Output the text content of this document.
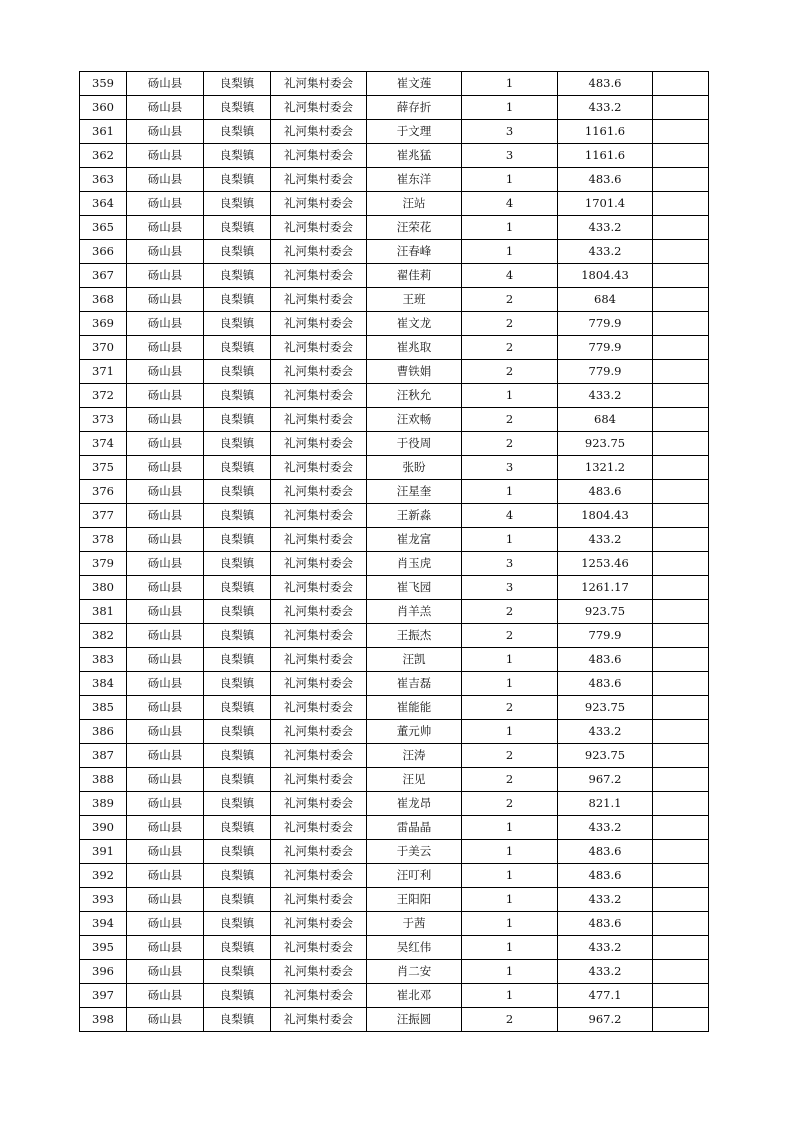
359	砀山县	良梨镇	礼河集村委会	崔文莲	1	483.6	
360	砀山县	良梨镇	礼河集村委会	薛存折	1	433.2	
361	砀山县	良梨镇	礼河集村委会	于文理	3	1161.6	
362	砀山县	良梨镇	礼河集村委会	崔兆猛	3	1161.6	
363	砀山县	良梨镇	礼河集村委会	崔东洋	1	483.6	
364	砀山县	良梨镇	礼河集村委会	汪站	4	1701.4	
365	砀山县	良梨镇	礼河集村委会	汪荣花	1	433.2	
366	砀山县	良梨镇	礼河集村委会	汪春峰	1	433.2	
367	砀山县	良梨镇	礼河集村委会	翟佳莉	4	1804.43	
368	砀山县	良梨镇	礼河集村委会	王班	2	684	
369	砀山县	良梨镇	礼河集村委会	崔文龙	2	779.9	
370	砀山县	良梨镇	礼河集村委会	崔兆取	2	779.9	
371	砀山县	良梨镇	礼河集村委会	曹铁娟	2	779.9	
372	砀山县	良梨镇	礼河集村委会	汪秋允	1	433.2	
373	砀山县	良梨镇	礼河集村委会	汪欢畅	2	684	
374	砀山县	良梨镇	礼河集村委会	于役周	2	923.75	
375	砀山县	良梨镇	礼河集村委会	张盼	3	1321.2	
376	砀山县	良梨镇	礼河集村委会	汪星奎	1	483.6	
377	砀山县	良梨镇	礼河集村委会	王新淼	4	1804.43	
378	砀山县	良梨镇	礼河集村委会	崔龙富	1	433.2	
379	砀山县	良梨镇	礼河集村委会	肖玉虎	3	1253.46	
380	砀山县	良梨镇	礼河集村委会	崔飞园	3	1261.17	
381	砀山县	良梨镇	礼河集村委会	肖羊羔	2	923.75	
382	砀山县	良梨镇	礼河集村委会	王振杰	2	779.9	
383	砀山县	良梨镇	礼河集村委会	汪凯	1	483.6	
384	砀山县	良梨镇	礼河集村委会	崔吉磊	1	483.6	
385	砀山县	良梨镇	礼河集村委会	崔能能	2	923.75	
386	砀山县	良梨镇	礼河集村委会	董元帅	1	433.2	
387	砀山县	良梨镇	礼河集村委会	汪涛	2	923.75	
388	砀山县	良梨镇	礼河集村委会	汪见	2	967.2	
389	砀山县	良梨镇	礼河集村委会	崔龙昂	2	821.1	
390	砀山县	良梨镇	礼河集村委会	雷晶晶	1	433.2	
391	砀山县	良梨镇	礼河集村委会	于美云	1	483.6	
392	砀山县	良梨镇	礼河集村委会	汪叮利	1	483.6	
393	砀山县	良梨镇	礼河集村委会	王阳阳	1	433.2	
394	砀山县	良梨镇	礼河集村委会	于茜	1	483.6	
395	砀山县	良梨镇	礼河集村委会	吴红伟	1	433.2	
396	砀山县	良梨镇	礼河集村委会	肖二安	1	433.2	
397	砀山县	良梨镇	礼河集村委会	崔北邓	1	477.1	
398	砀山县	良梨镇	礼河集村委会	汪振圆	2	967.2	
